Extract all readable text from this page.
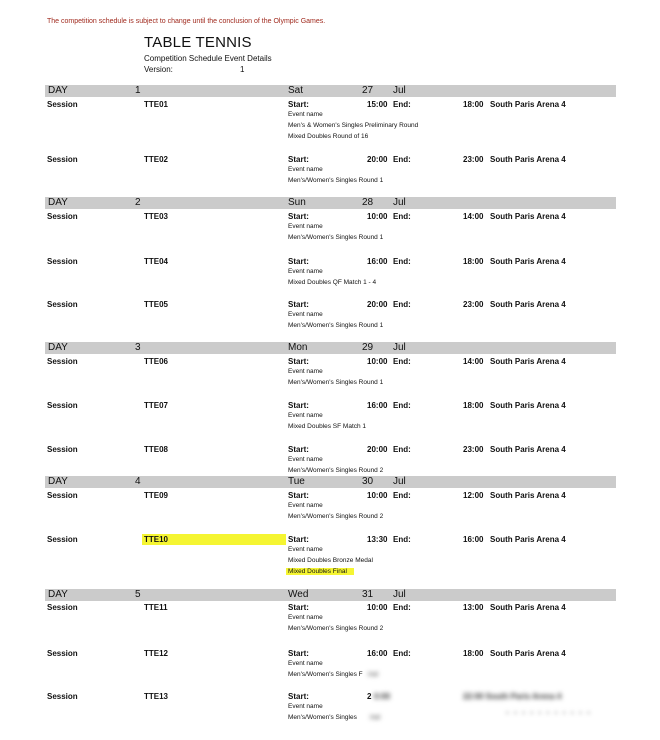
The competition schedule is subject to change until the conclusion of the Olympic Games.
TABLE TENNIS
Competition Schedule Event Details
Version:	1
DAY	1	Sat	27 Jul
Session	TTE01	Start:	15:00 End:	18:00 South Paris Arena 4
Event name
Men's & Women's Singles Preliminary Round
Mixed Doubles Round of 16
Session	TTE02	Start:	20:00 End:	23:00 South Paris Arena 4
Event name
Men's/Women's Singles Round 1
DAY	2	Sun	28 Jul
Session	TTE03	Start:	10:00 End:	14:00 South Paris Arena 4
Event name
Men's/Women's Singles Round 1
Session	TTE04	Start:	16:00 End:	18:00 South Paris Arena 4
Event name
Mixed Doubles QF Match 1 - 4
Session	TTE05	Start:	20:00 End:	23:00 South Paris Arena 4
Event name
Men's/Women's Singles Round 1
DAY	3	Mon	29 Jul
Session	TTE06	Start:	10:00 End:	14:00 South Paris Arena 4
Event name
Men's/Women's Singles Round 1
Session	TTE07	Start:	16:00 End:	18:00 South Paris Arena 4
Event name
Mixed Doubles SF Match 1
Session	TTE08	Start:	20:00 End:	23:00 South Paris Arena 4
Event name
Men's/Women's Singles Round 2
DAY	4	Tue	30 Jul
Session	TTE09	Start:	10:00 End:	12:00 South Paris Arena 4
Event name
Men's/Women's Singles Round 2
Session	TTE10	Start:	13:30 End:	16:00 South Paris Arena 4
Event name
Mixed Doubles Bronze Medal
Mixed Doubles Final
DAY	5	Wed	31 Jul
Session	TTE11	Start:	10:00 End:	13:00 South Paris Arena 4
Event name
Men's/Women's Singles Round 2
Session	TTE12	Start:	16:00 End:	18:00 South Paris Arena 4
Event name
Men's/Women's Singles F inal
Session	TTE13	Start:	2 0:00	22:00 South Paris Arena 4
Event name
Men's/Women's Singles inal	· · · · · · · · · · ·
